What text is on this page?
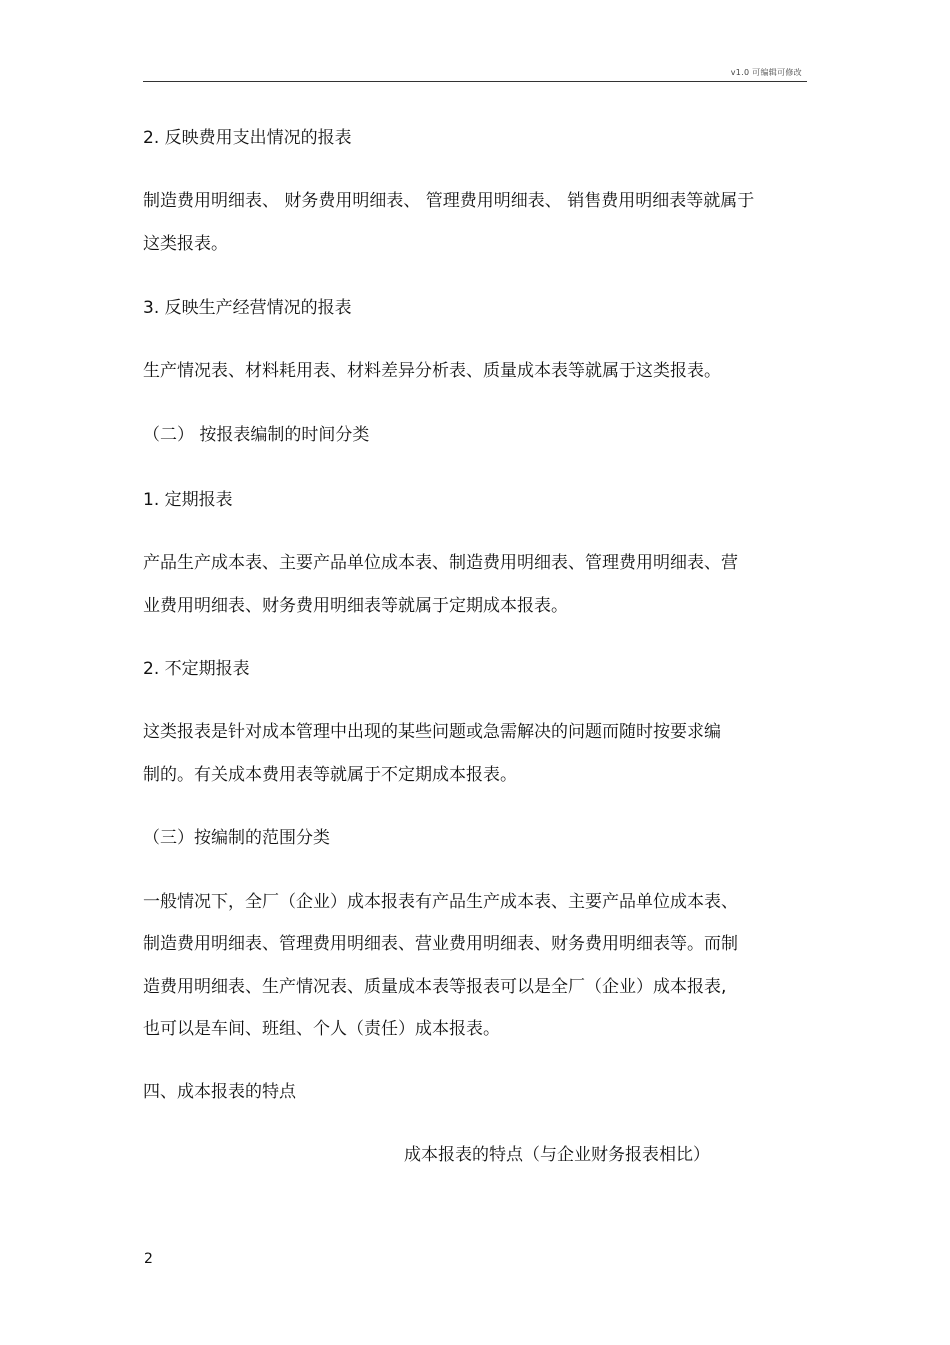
v1.0 可编辑可修改
2. 反映费用支出情况的报表
制造费用明细表、 财务费用明细表、 管理费用明细表、 销售费用明细表等就属于
这类报表。
3. 反映生产经营情况的报表
生产情况表、材料耗用表、材料差异分析表、质量成本表等就属于这类报表。
（二） 按报表编制的时间分类
1. 定期报表
产品生产成本表、主要产品单位成本表、制造费用明细表、管理费用明细表、营
业费用明细表、财务费用明细表等就属于定期成本报表。
2. 不定期报表
这类报表是针对成本管理中出现的某些问题或急需解决的问题而随时按要求编
制的。有关成本费用表等就属于不定期成本报表。
（三）按编制的范围分类
一般情况下，全厂（企业）成本报表有产品生产成本表、主要产品单位成本表、
制造费用明细表、管理费用明细表、营业费用明细表、财务费用明细表等。而制
造费用明细表、生产情况表、质量成本表等报表可以是全厂（企业）成本报表,
也可以是车间、班组、个人（责任）成本报表。
四、成本报表的特点
成本报表的特点（与企业财务报表相比）
2
